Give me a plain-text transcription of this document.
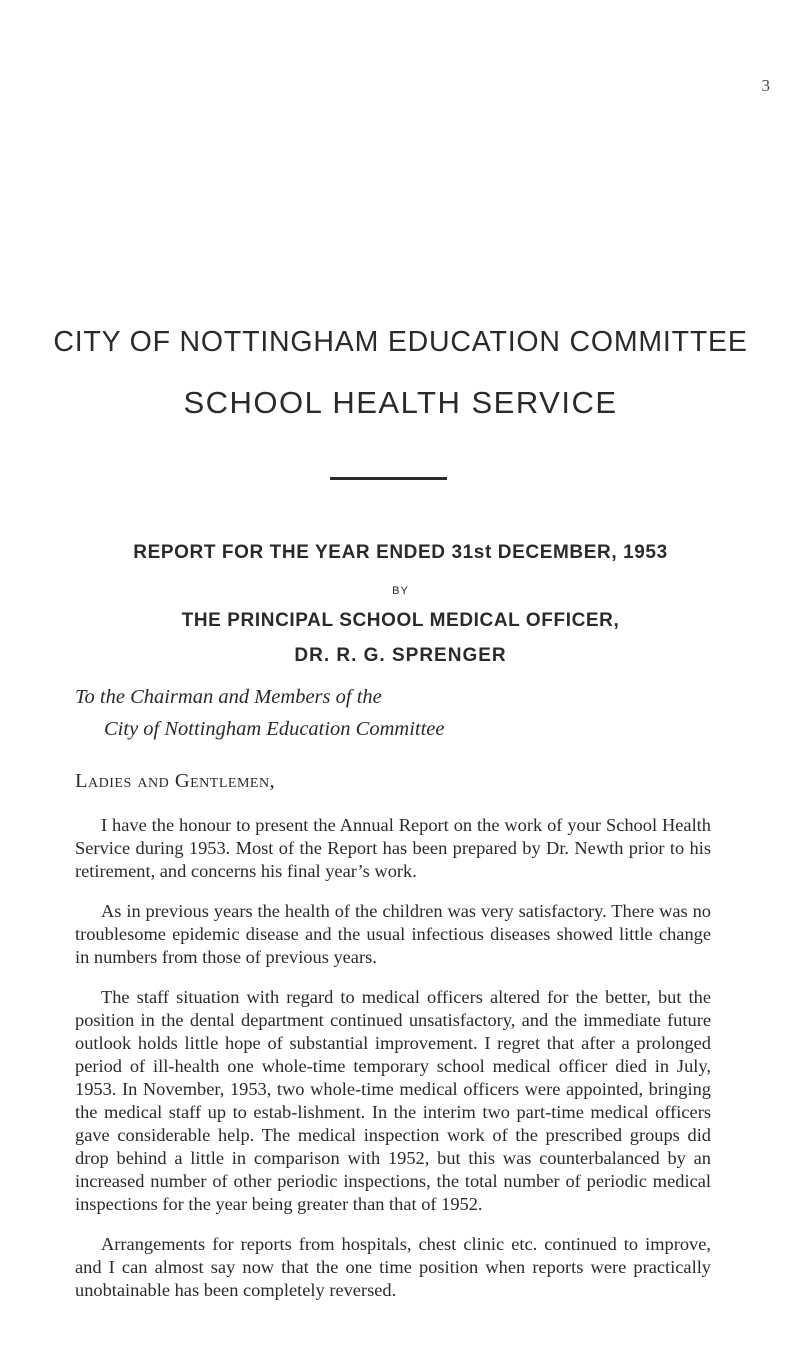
3
CITY OF NOTTINGHAM EDUCATION COMMITTEE
SCHOOL HEALTH SERVICE
REPORT FOR THE YEAR ENDED 31st DECEMBER, 1953
BY
THE PRINCIPAL SCHOOL MEDICAL OFFICER,
DR. R. G. SPRENGER
To the Chairman and Members of the
City of Nottingham Education Committee
Ladies and Gentlemen,

I have the honour to present the Annual Report on the work of your School Health Service during 1953. Most of the Report has been prepared by Dr. Newth prior to his retirement, and concerns his final year’s work.

As in previous years the health of the children was very satisfactory. There was no troublesome epidemic disease and the usual infectious diseases showed little change in numbers from those of previous years.

The staff situation with regard to medical officers altered for the better, but the position in the dental department continued unsatisfactory, and the immediate future outlook holds little hope of substantial improvement. I regret that after a prolonged period of ill-health one whole-time temporary school medical officer died in July, 1953. In November, 1953, two whole-time medical officers were appointed, bringing the medical staff up to estab-lishment. In the interim two part-time medical officers gave considerable help. The medical inspection work of the prescribed groups did drop behind a little in comparison with 1952, but this was counterbalanced by an increased number of other periodic inspections, the total number of periodic medical inspections for the year being greater than that of 1952.

Arrangements for reports from hospitals, chest clinic etc. continued to improve, and I can almost say now that the one time position when reports were practically unobtainable has been completely reversed.
